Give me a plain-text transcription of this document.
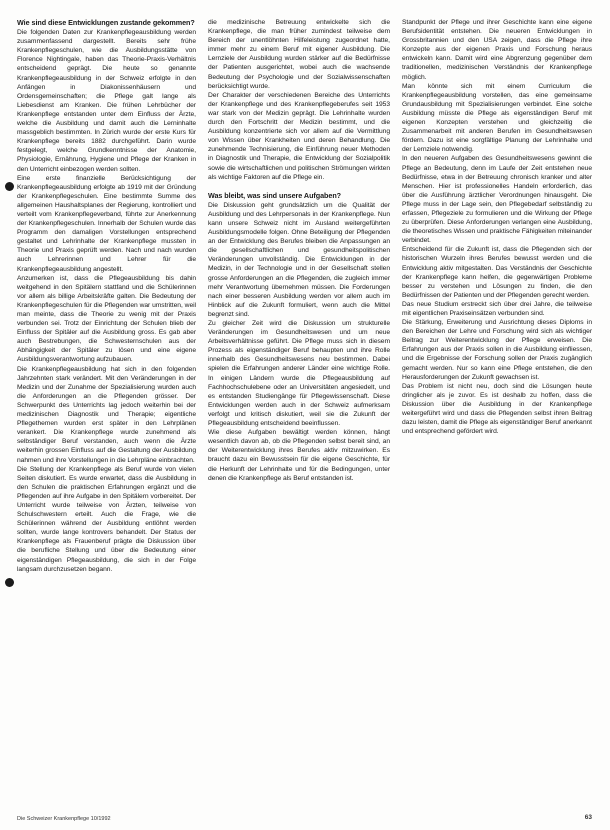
Wie sind diese Entwicklungen zustande gekommen?

Die folgenden Daten zur Krankenpflegeausbildung werden zusammenfassend dargestellt. Bereits sehr frühe Krankenpflegeschulen, wie die Ausbildungsstätte von Florence Nightingale, haben das Theorie-Praxis-Verhältnis entscheidend geprägt. Die heute so genannte Krankenpflegeausbildung in der Schweiz erfolgte in den Anfängen in Diakonissenhäusern und Ordensgemeinschaften; die Pflege galt lange als Liebesdienst am Kranken. Die frühen Lehrbücher der Krankenpflege entstanden unter dem Einfluss der Ärzte, welche die Ausbildung und damit auch die Lerninhalte massgeblich bestimmten. In Zürich wurde der erste Kurs für Krankenpflege bereits 1882 durchgeführt. Darin wurde festgelegt, welche Grundkenntnisse der Anatomie, Physiologie, Ernährung, Hygiene und Pflege der Kranken in den Unterricht einbezogen werden sollten.

Eine erste finanzielle Berücksichtigung der Krankenpflegeausbildung erfolgte ab 1919 mit der Gründung der Krankenpflegeschulen. Eine bestimmte Summe des allgemeinen Haushaltsplanes der Regierung, kontrolliert und verteilt vom Krankenpflegeverband, führte zur Anerkennung der Krankenpflegeschulen. Innerhalb der Schulen wurde das Programm den damaligen Vorstellungen entsprechend gestaltet und Lehrinhalte der Krankenpflege mussten in Theorie und Praxis geprüft werden. Nach und nach wurden auch Lehrerinnen und Lehrer für die Krankenpflegeausbildung angestellt.

Anzumerken ist, dass die Pflegeausbildung bis dahin weitgehend in den Spitälern stattfand und die Schülerinnen vor allem als billige Arbeitskräfte galten. Die Bedeutung der Krankenpflegeschulen für die Pflegenden war umstritten, weil man meinte, dass die Theorie zu wenig mit der Praxis verbunden sei. Trotz der Einrichtung der Schulen blieb der Einfluss der Spitäler auf die Ausbildung gross. Es gab aber auch Bestrebungen, die Schwesternschulen aus der Abhängigkeit der Spitäler zu lösen und eine eigene Ausbildungsverantwortung aufzubauen.

Die Krankenpflegeausbildung hat sich in den folgenden Jahrzehnten stark verändert. Mit den Veränderungen in der Medizin und der Zunahme der Spezialisierung wurden auch die Anforderungen an die Pflegenden grösser. Der Schwerpunkt des Unterrichts lag jedoch weiterhin bei der medizinischen Diagnostik und Therapie; eigentliche Pflegethemen wurden erst später in den Lehrplänen verankert. Die Krankenpflege wurde zunehmend als selbständiger Beruf verstanden, auch wenn die Ärzte weiterhin grossen Einfluss auf die Gestaltung der Ausbildung nahmen und ihre Vorstellungen in die Lehrpläne einbrachten.

Die Stellung der Krankenpflege als Beruf wurde von vielen Seiten diskutiert. Es wurde erwartet, dass die Ausbildung in den Schulen die praktischen Erfahrungen ergänzt und die Pflegenden auf ihre Aufgabe in den Spitälern vorbereitet. Der Unterricht wurde teilweise von Ärzten, teilweise von Schulschwestern erteilt. Auch die Frage, wie die Schülerinnen während der Ausbildung entlöhnt werden sollten, wurde lange kontrovers behandelt. Der Status der Krankenpflege als Frauenberuf prägte die Diskussion über die berufliche Stellung und über die Bedeutung einer eigenständigen Pflegeausbildung, die sich in der Folge langsam durchzusetzen begann.

die medizinische Betreuung entwickelte sich die Krankenpflege, die man früher zumindest teilweise dem Bereich der unentlöhnten Hilfeleistung zugeordnet hatte, immer mehr zu einem Beruf mit eigener Ausbildung. Die Lernziele der Ausbildung wurden stärker auf die Bedürfnisse der Patienten ausgerichtet, wobei auch die wachsende Bedeutung der Psychologie und der Sozialwissenschaften berücksichtigt wurde.

Der Charakter der verschiedenen Bereiche des Unterrichts der Krankenpflege und des Krankenpflegeberufes seit 1953 war stark von der Medizin geprägt. Die Lehrinhalte wurden durch den Fortschritt der Medizin bestimmt, und die Ausbildung konzentrierte sich vor allem auf die Vermittlung von Wissen über Krankheiten und deren Behandlung. Die zunehmende Technisierung, die Einführung neuer Methoden in Diagnostik und Therapie, die Entwicklung der Sozialpolitik sowie die wirtschaftlichen und politischen Strömungen wirkten als wichtige Faktoren auf die Pflege ein.

Was bleibt, was sind unsere Aufgaben?

Die Diskussion geht grundsätzlich um die Qualität der Ausbildung und des Lehrpersonals in der Krankenpflege. Nun kann unsere Schweiz nicht im Ausland weitergeführten Ausbildungsmodelle folgen. Ohne Beteiligung der Pflegenden an der Entwicklung des Berufes bleiben die Anpassungen an die gesellschaftlichen und gesundheitspolitischen Veränderungen unvollständig. Die Entwicklungen in der Medizin, in der Technologie und in der Gesellschaft stellen grosse Anforderungen an die Pflegenden, die zugleich immer mehr Verantwortung übernehmen müssen. Die Forderungen nach einer besseren Ausbildung werden vor allem auch im Hinblick auf die Zukunft formuliert, wenn auch die Mittel begrenzt sind.

Zu gleicher Zeit wird die Diskussion um strukturelle Veränderungen im Gesundheitswesen und um neue Arbeitsverhältnisse geführt. Die Pflege muss sich in diesem Prozess als eigenständiger Beruf behaupten und ihre Rolle innerhalb des Gesundheitswesens neu bestimmen. Dabei spielen die Erfahrungen anderer Länder eine wichtige Rolle. In einigen Ländern wurde die Pflegeausbildung auf Fachhochschulebene oder an Universitäten angesiedelt, und es entstanden Studiengänge für Pflegewissenschaft. Diese Entwicklungen werden auch in der Schweiz aufmerksam verfolgt und kritisch diskutiert, weil sie die Zukunft der Pflegeausbildung entscheidend beeinflussen.

Wie diese Aufgaben bewältigt werden können, hängt wesentlich davon ab, ob die Pflegenden selbst bereit sind, an der Weiterentwicklung ihres Berufes aktiv mitzuwirken. Es braucht dazu ein Bewusstsein für die eigene Geschichte, für die Herkunft der Lehrinhalte und für die Bedingungen, unter denen die Krankenpflege als Beruf entstanden ist.

Standpunkt der Pflege und ihrer Geschichte kann eine eigene Berufsidentität entstehen. Die neueren Entwicklungen in Grossbritannien und den USA zeigen, dass die Pflege ihre Konzepte aus der eigenen Praxis und Forschung heraus entwickeln kann. Damit wird eine Abgrenzung gegenüber dem traditionellen, medizinischen Verständnis der Krankenpflege möglich.

Man könnte sich mit einem Curriculum die Krankenpflegeausbildung vorstellen, das eine gemeinsame Grundausbildung mit Spezialisierungen verbindet. Eine solche Ausbildung müsste die Pflege als eigenständigen Beruf mit eigenen Konzepten verstehen und gleichzeitig die Zusammenarbeit mit anderen Berufen im Gesundheitswesen fördern. Dazu ist eine sorgfältige Planung der Lehrinhalte und der Lernziele notwendig.

In den neueren Aufgaben des Gesundheitswesens gewinnt die Pflege an Bedeutung, denn im Laufe der Zeit entstehen neue Bedürfnisse, etwa in der Betreuung chronisch kranker und alter Menschen. Hier ist professionelles Handeln erforderlich, das über die Ausführung ärztlicher Verordnungen hinausgeht. Die Pflege muss in der Lage sein, den Pflegebedarf selbständig zu erfassen, Pflegeziele zu formulieren und die Wirkung der Pflege zu überprüfen. Diese Anforderungen verlangen eine Ausbildung, die theoretisches Wissen und praktische Fähigkeiten miteinander verbindet.

Entscheidend für die Zukunft ist, dass die Pflegenden sich der historischen Wurzeln ihres Berufes bewusst werden und die Entwicklung aktiv mitgestalten. Das Verständnis der Geschichte der Krankenpflege kann helfen, die gegenwärtigen Probleme besser zu verstehen und Lösungen zu finden, die den Bedürfnissen der Patienten und der Pflegenden gerecht werden.

Das neue Studium erstreckt sich über drei Jahre, die teilweise mit eigentlichen Praxiseinsätzen verbunden sind.

Die Stärkung, Erweiterung und Ausrichtung dieses Diploms in den Bereichen der Lehre und Forschung wird sich als wichtiger Beitrag zur Weiterentwicklung der Pflege erweisen. Die Erfahrungen aus der Praxis sollen in die Ausbildung einfliessen, und die Ergebnisse der Forschung sollen der Praxis zugänglich gemacht werden. Nur so kann eine Pflege entstehen, die den Herausforderungen der Zukunft gewachsen ist.

Das Problem ist nicht neu, doch sind die Lösungen heute dringlicher als je zuvor. Es ist deshalb zu hoffen, dass die Diskussion über die Ausbildung in der Krankenpflege weitergeführt wird und dass die Pflegenden selbst ihren Beitrag dazu leisten, damit die Pflege als eigenständiger Beruf anerkannt und entsprechend gefördert wird.

Die Schweizer Krankenpflege 10/1992	63
